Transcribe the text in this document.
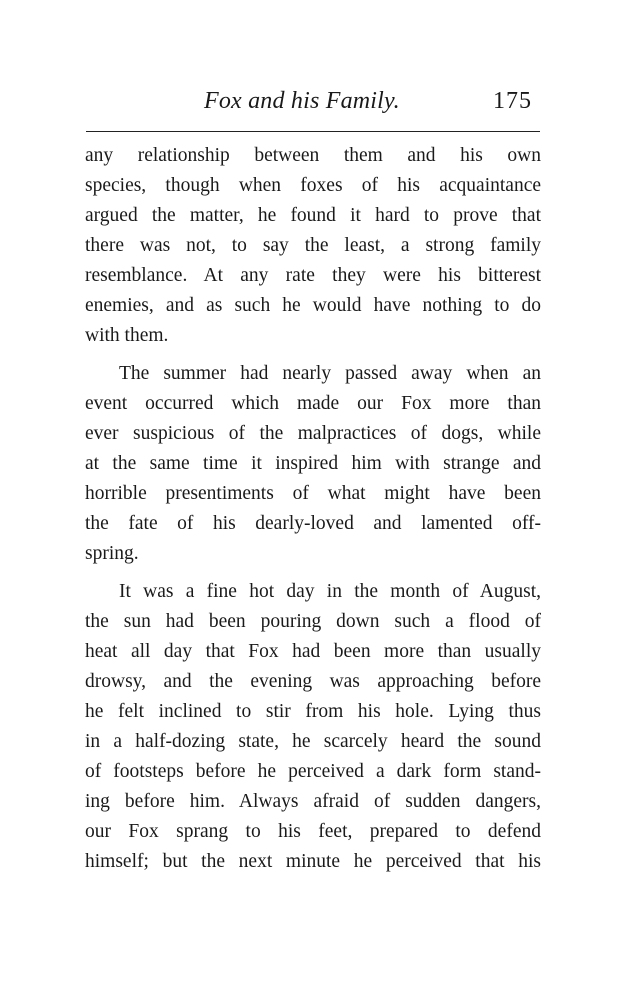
Fox and his Family.	175
any relationship between them and his own
species, though when foxes of his acquaintance
argued the matter, he found it hard to prove that
there was not, to say the least, a strong family
resemblance. At any rate they were his bitterest
enemies, and as such he would have nothing to do
with them.
The summer had nearly passed away when an
event occurred which made our Fox more than
ever suspicious of the malpractices of dogs, while
at the same time it inspired him with strange and
horrible presentiments of what might have been
the fate of his dearly-loved and lamented off-
spring.
It was a fine hot day in the month of August,
the sun had been pouring down such a flood of
heat all day that Fox had been more than usually
drowsy, and the evening was approaching before
he felt inclined to stir from his hole. Lying thus
in a half-dozing state, he scarcely heard the sound
of footsteps before he perceived a dark form stand-
ing before him. Always afraid of sudden dangers,
our Fox sprang to his feet, prepared to defend
himself; but the next minute he perceived that his
